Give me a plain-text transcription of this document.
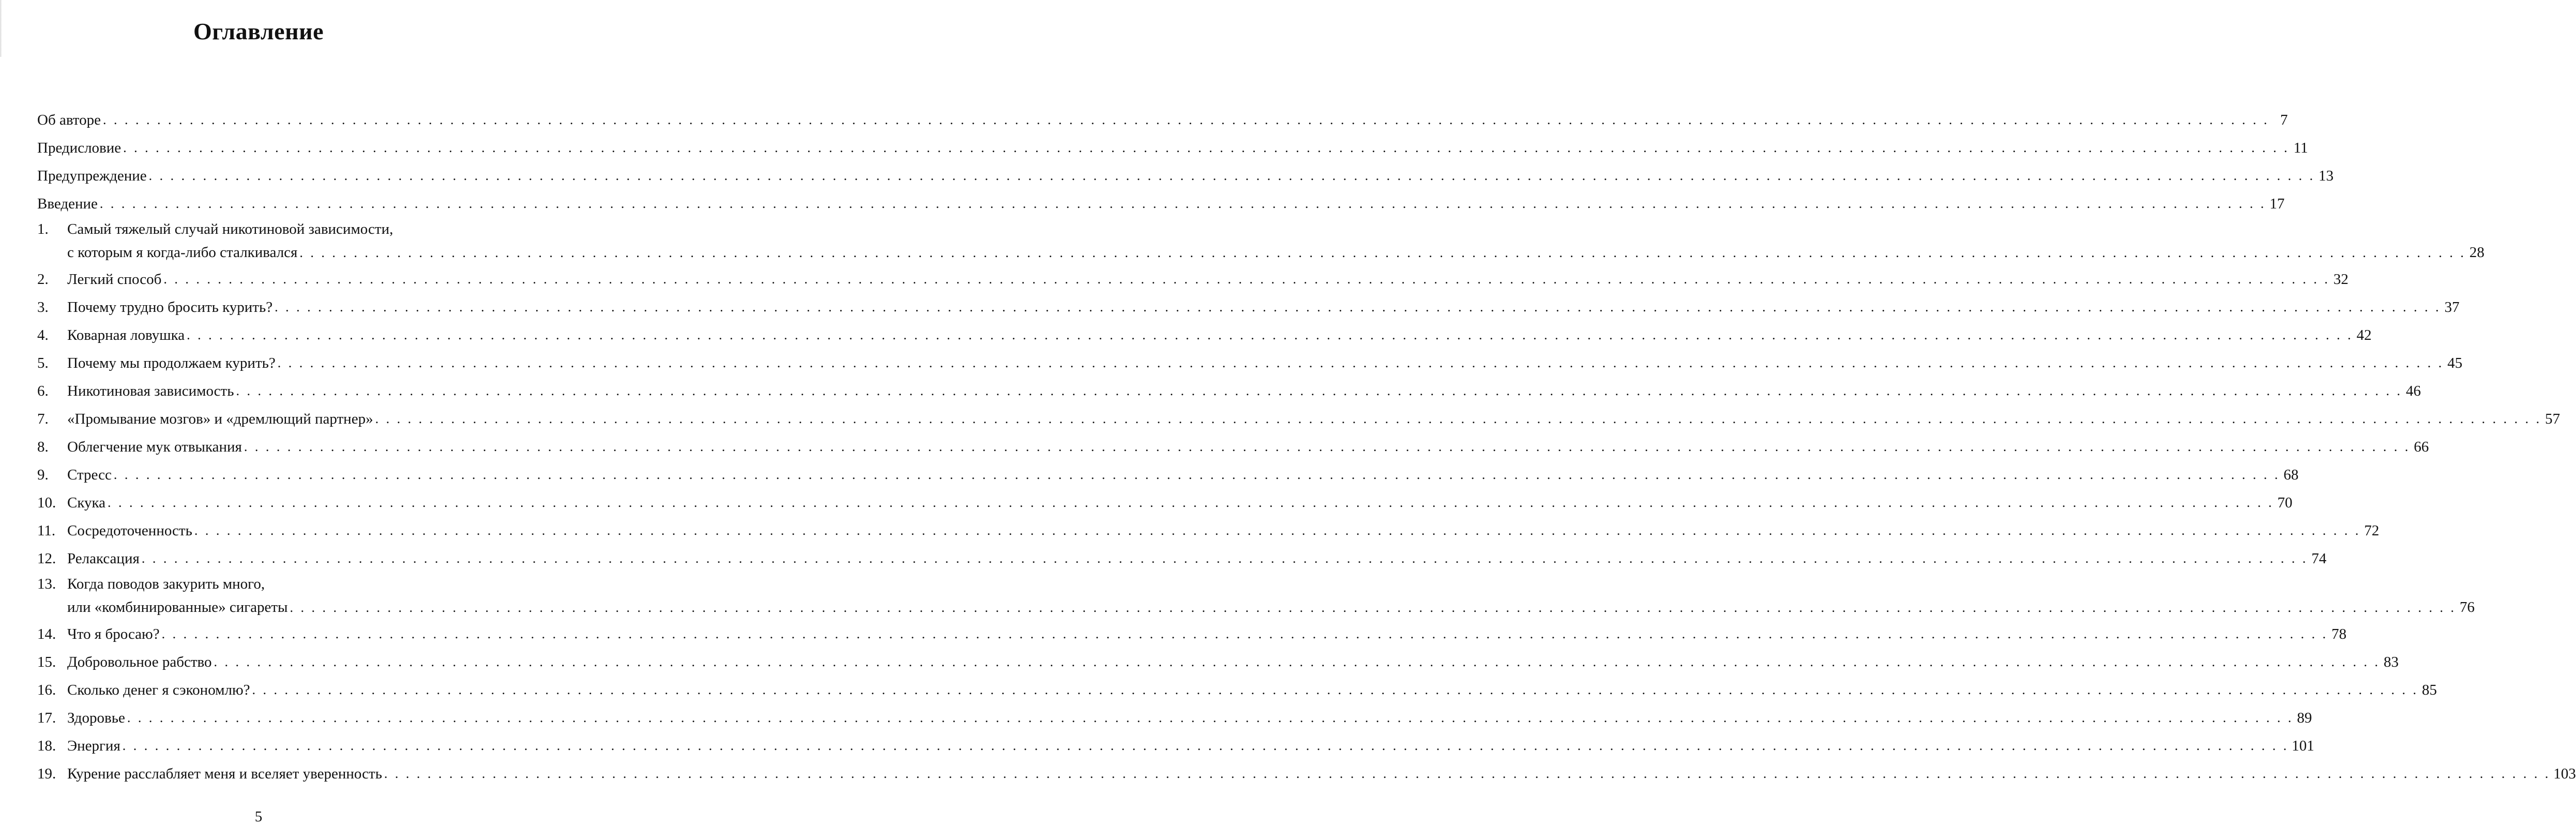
Оглавление
Об авторе . . . . . . . . . . . . . . . . . . . . . . . . . . . . . . . . . . . . . . . . . . . . . . . . . . . . . . . . . . . . . . . . . . . . . . . . . . . . . . . . . . . . . . . . . . . . . . . . . . . . . . . . . . . . . . . . . . . . . . . . . . . . . . . . . . . . . . . . . . . . . . . . . . . . . . . . . . . . . . . . . . . . . . . . . . . . . . . . . . . . . . . . . . . . . . . . . . . . . . . . 7
Предисловие . . . . . . . . . . . . . . . . . . . . . . . . . . . . . . . . . . . . . . . . . . . . . . . . . . . . . . . . . . . . . . . . . . . . . . . . . . . . . . . . . . . . . . . . . . . . . . . . . . . . . . . . . . . . . . . . . . . . . . . . . . . . . . . . . . . . . . . . . . . . . . . . . . . . . . . . . . . . . . . . . . . . . . . . . . . . . . . . . . . . . . . . . . . . . . . . . . . . . . . . 11
Предупреждение . . . . . . . . . . . . . . . . . . . . . . . . . . . . . . . . . . . . . . . . . . . . . . . . . . . . . . . . . . . . . . . . . . . . . . . . . . . . . . . . . . . . . . . . . . . . . . . . . . . . . . . . . . . . . . . . . . . . . . . . . . . . . . . . . . . . . . . . . . . . . . . . . . . . . . . . . . . . . . . . . . . . . . . . . . . . . . . . . . . . . . . . . . . . . . . . . . . . . . . . 13
Введение . . . . . . . . . . . . . . . . . . . . . . . . . . . . . . . . . . . . . . . . . . . . . . . . . . . . . . . . . . . . . . . . . . . . . . . . . . . . . . . . . . . . . . . . . . . . . . . . . . . . . . . . . . . . . . . . . . . . . . . . . . . . . . . . . . . . . . . . . . . . . . . . . . . . . . . . . . . . . . . . . . . . . . . . . . . . . . . . . . . . . . . . . . . . . . . . . . . . . . . . 17
1.	Самый тяжелый случай никотиновой зависимости,
с которым я когда-либо сталкивался . . . . . . . . . . . . . . . . . . . . . . . . . . . . . . . . . . . . . . . . . . . . . . . . . . . . . . . . . . . . . . . . . . . . . . . . . . . . . . . . . . . . . . . . . . . . . . . . . . . . . . . . . . . . . . . . . . . . . . . . . . . . . . . . . . . . . . . . . . . . . . . . . . . . . . . . . . . . . . . . . . . . . . . . . . . . . . . . . . . . . . . . . . . . . . . . . . . . . . . . 28
2.	Легкий способ . . . . . . . . . . . . . . . . . . . . . . . . . . . . . . . . . . . . . . . . . . . . . . . . . . . . . . . . . . . . . . . . . . . . . . . . . . . . . . . . . . . . . . . . . . . . . . . . . . . . . . . . . . . . . . . . . . . . . . . . . . . . . . . . . . . . . . . . . . . . . . . . . . . . . . . . . . . . . . . . . . . . . . . . . . . . . . . . . . . . . . . . . . . . . . . . . . . . . . . . 32
3.	Почему трудно бросить курить? . . . . . . . . . . . . . . . . . . . . . . . . . . . . . . . . . . . . . . . . . . . . . . . . . . . . . . . . . . . . . . . . . . . . . . . . . . . . . . . . . . . . . . . . . . . . . . . . . . . . . . . . . . . . . . . . . . . . . . . . . . . . . . . . . . . . . . . . . . . . . . . . . . . . . . . . . . . . . . . . . . . . . . . . . . . . . . . . . . . . . . . . . . . . . . . . . . . . . . . . 37
4.	Коварная ловушка . . . . . . . . . . . . . . . . . . . . . . . . . . . . . . . . . . . . . . . . . . . . . . . . . . . . . . . . . . . . . . . . . . . . . . . . . . . . . . . . . . . . . . . . . . . . . . . . . . . . . . . . . . . . . . . . . . . . . . . . . . . . . . . . . . . . . . . . . . . . . . . . . . . . . . . . . . . . . . . . . . . . . . . . . . . . . . . . . . . . . . . . . . . . . . . . . . . . . . . . 42
5.	Почему мы продолжаем курить? . . . . . . . . . . . . . . . . . . . . . . . . . . . . . . . . . . . . . . . . . . . . . . . . . . . . . . . . . . . . . . . . . . . . . . . . . . . . . . . . . . . . . . . . . . . . . . . . . . . . . . . . . . . . . . . . . . . . . . . . . . . . . . . . . . . . . . . . . . . . . . . . . . . . . . . . . . . . . . . . . . . . . . . . . . . . . . . . . . . . . . . . . . . . . . . . . . . . . . . . 45
6.	Никотиновая зависимость . . . . . . . . . . . . . . . . . . . . . . . . . . . . . . . . . . . . . . . . . . . . . . . . . . . . . . . . . . . . . . . . . . . . . . . . . . . . . . . . . . . . . . . . . . . . . . . . . . . . . . . . . . . . . . . . . . . . . . . . . . . . . . . . . . . . . . . . . . . . . . . . . . . . . . . . . . . . . . . . . . . . . . . . . . . . . . . . . . . . . . . . . . . . . . . . . . . . . . . . 46
7.	«Промывание мозгов» и «дремлющий партнер» . . . . . . . . . . . . . . . . . . . . . . . . . . . . . . . . . . . . . . . . . . . . . . . . . . . . . . . . . . . . . . . . . . . . . . . . . . . . . . . . . . . . . . . . . . . . . . . . . . . . . . . . . . . . . . . . . . . . . . . . . . . . . . . . . . . . . . . . . . . . . . . . . . . . . . . . . . . . . . . . . . . . . . . . . . . . . . . . . . . . . . . . . . . . . . . . . . . . . . . . 57
8.	Облегчение мук отвыкания . . . . . . . . . . . . . . . . . . . . . . . . . . . . . . . . . . . . . . . . . . . . . . . . . . . . . . . . . . . . . . . . . . . . . . . . . . . . . . . . . . . . . . . . . . . . . . . . . . . . . . . . . . . . . . . . . . . . . . . . . . . . . . . . . . . . . . . . . . . . . . . . . . . . . . . . . . . . . . . . . . . . . . . . . . . . . . . . . . . . . . . . . . . . . . . . . . . . . . . . 66
9.	Стресс . . . . . . . . . . . . . . . . . . . . . . . . . . . . . . . . . . . . . . . . . . . . . . . . . . . . . . . . . . . . . . . . . . . . . . . . . . . . . . . . . . . . . . . . . . . . . . . . . . . . . . . . . . . . . . . . . . . . . . . . . . . . . . . . . . . . . . . . . . . . . . . . . . . . . . . . . . . . . . . . . . . . . . . . . . . . . . . . . . . . . . . . . . . . . . . . . . . . . . . . 68
10. Скука . . . . . . . . . . . . . . . . . . . . . . . . . . . . . . . . . . . . . . . . . . . . . . . . . . . . . . . . . . . . . . . . . . . . . . . . . . . . . . . . . . . . . . . . . . . . . . . . . . . . . . . . . . . . . . . . . . . . . . . . . . . . . . . . . . . . . . . . . . . . . . . . . . . . . . . . . . . . . . . . . . . . . . . . . . . . . . . . . . . . . . . . . . . . . . . . . . . . . . . . 70
11. Сосредоточенность . . . . . . . . . . . . . . . . . . . . . . . . . . . . . . . . . . . . . . . . . . . . . . . . . . . . . . . . . . . . . . . . . . . . . . . . . . . . . . . . . . . . . . . . . . . . . . . . . . . . . . . . . . . . . . . . . . . . . . . . . . . . . . . . . . . . . . . . . . . . . . . . . . . . . . . . . . . . . . . . . . . . . . . . . . . . . . . . . . . . . . . . . . . . . . . . . . . . . . . . 72
12. Релаксация . . . . . . . . . . . . . . . . . . . . . . . . . . . . . . . . . . . . . . . . . . . . . . . . . . . . . . . . . . . . . . . . . . . . . . . . . . . . . . . . . . . . . . . . . . . . . . . . . . . . . . . . . . . . . . . . . . . . . . . . . . . . . . . . . . . . . . . . . . . . . . . . . . . . . . . . . . . . . . . . . . . . . . . . . . . . . . . . . . . . . . . . . . . . . . . . . . . . . . . . 74
13. Когда поводов закурить много,
или «комбинированные» сигареты . . . . . . . . . . . . . . . . . . . . . . . . . . . . . . . . . . . . . . . . . . . . . . . . . . . . . . . . . . . . . . . . . . . . . . . . . . . . . . . . . . . . . . . . . . . . . . . . . . . . . . . . . . . . . . . . . . . . . . . . . . . . . . . . . . . . . . . . . . . . . . . . . . . . . . . . . . . . . . . . . . . . . . . . . . . . . . . . . . . . . . . . . . . . . . . . . . . . . . . . 76
14. Что я бросаю? . . . . . . . . . . . . . . . . . . . . . . . . . . . . . . . . . . . . . . . . . . . . . . . . . . . . . . . . . . . . . . . . . . . . . . . . . . . . . . . . . . . . . . . . . . . . . . . . . . . . . . . . . . . . . . . . . . . . . . . . . . . . . . . . . . . . . . . . . . . . . . . . . . . . . . . . . . . . . . . . . . . . . . . . . . . . . . . . . . . . . . . . . . . . . . . . . . . . . . . . 78
15. Добровольное рабство . . . . . . . . . . . . . . . . . . . . . . . . . . . . . . . . . . . . . . . . . . . . . . . . . . . . . . . . . . . . . . . . . . . . . . . . . . . . . . . . . . . . . . . . . . . . . . . . . . . . . . . . . . . . . . . . . . . . . . . . . . . . . . . . . . . . . . . . . . . . . . . . . . . . . . . . . . . . . . . . . . . . . . . . . . . . . . . . . . . . . . . . . . . . . . . . . . . . . . . . 83
16. Сколько денег я сэкономлю? . . . . . . . . . . . . . . . . . . . . . . . . . . . . . . . . . . . . . . . . . . . . . . . . . . . . . . . . . . . . . . . . . . . . . . . . . . . . . . . . . . . . . . . . . . . . . . . . . . . . . . . . . . . . . . . . . . . . . . . . . . . . . . . . . . . . . . . . . . . . . . . . . . . . . . . . . . . . . . . . . . . . . . . . . . . . . . . . . . . . . . . . . . . . . . . . . . . . . . . . 85
17. Здоровье . . . . . . . . . . . . . . . . . . . . . . . . . . . . . . . . . . . . . . . . . . . . . . . . . . . . . . . . . . . . . . . . . . . . . . . . . . . . . . . . . . . . . . . . . . . . . . . . . . . . . . . . . . . . . . . . . . . . . . . . . . . . . . . . . . . . . . . . . . . . . . . . . . . . . . . . . . . . . . . . . . . . . . . . . . . . . . . . . . . . . . . . . . . . . . . . . . . . . . . . 89
18. Энергия . . . . . . . . . . . . . . . . . . . . . . . . . . . . . . . . . . . . . . . . . . . . . . . . . . . . . . . . . . . . . . . . . . . . . . . . . . . . . . . . . . . . . . . . . . . . . . . . . . . . . . . . . . . . . . . . . . . . . . . . . . . . . . . . . . . . . . . . . . . . . . . . . . . . . . . . . . . . . . . . . . . . . . . . . . . . . . . . . . . . . . . . . . . . . . . . . . . . . . . . 101
19. Курение расслабляет меня и вселяет уверенность . . . . . . . . . . . . . . . . . . . . . . . . . . . . . . . . . . . . . . . . . . . . . . . . . . . . . . . . . . . . . . . . . . . . . . . . . . . . . . . . . . . . . . . . . . . . . . . . . . . . . . . . . . . . . . . . . . . . . . . . . . . . . . . . . . . . . . . . . . . . . . . . . . . . . . . . . . . . . . . . . . . . . . . . . . . . . . . . . . . . . . . . . . . . . . . . . . . . . . . . 103
5
